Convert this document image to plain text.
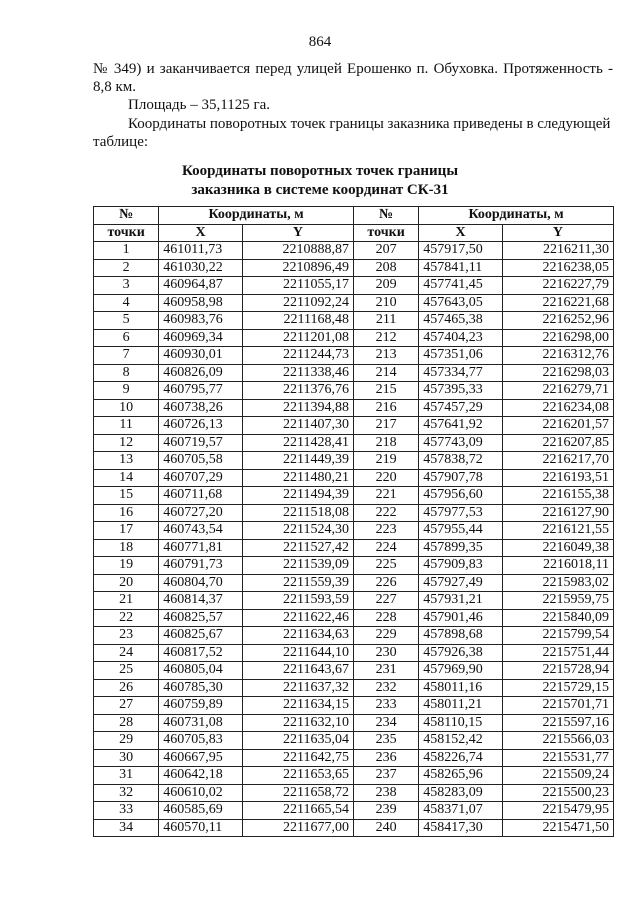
864
№ 349) и заканчивается перед улицей Ерошенко п. Обуховка. Протяженность - 8,8 км.
Площадь – 35,1125 га.
Координаты поворотных точек границы заказника приведены в следующей
таблице:
Координаты поворотных точек границы
заказника в системе координат СК-31
№	Координаты, м		№	Координаты, м	
точки	X	Y	точки	X	Y
1	461011,73	2210888,87	207	457917,50	2216211,30
2	461030,22	2210896,49	208	457841,11	2216238,05
3	460964,87	2211055,17	209	457741,45	2216227,79
4	460958,98	2211092,24	210	457643,05	2216221,68
5	460983,76	2211168,48	211	457465,38	2216252,96
6	460969,34	2211201,08	212	457404,23	2216298,00
7	460930,01	2211244,73	213	457351,06	2216312,76
8	460826,09	2211338,46	214	457334,77	2216298,03
9	460795,77	2211376,76	215	457395,33	2216279,71
10	460738,26	2211394,88	216	457457,29	2216234,08
11	460726,13	2211407,30	217	457641,92	2216201,57
12	460719,57	2211428,41	218	457743,09	2216207,85
13	460705,58	2211449,39	219	457838,72	2216217,70
14	460707,29	2211480,21	220	457907,78	2216193,51
15	460711,68	2211494,39	221	457956,60	2216155,38
16	460727,20	2211518,08	222	457977,53	2216127,90
17	460743,54	2211524,30	223	457955,44	2216121,55
18	460771,81	2211527,42	224	457899,35	2216049,38
19	460791,73	2211539,09	225	457909,83	2216018,11
20	460804,70	2211559,39	226	457927,49	2215983,02
21	460814,37	2211593,59	227	457931,21	2215959,75
22	460825,57	2211622,46	228	457901,46	2215840,09
23	460825,67	2211634,63	229	457898,68	2215799,54
24	460817,52	2211644,10	230	457926,38	2215751,44
25	460805,04	2211643,67	231	457969,90	2215728,94
26	460785,30	2211637,32	232	458011,16	2215729,15
27	460759,89	2211634,15	233	458011,21	2215701,71
28	460731,08	2211632,10	234	458110,15	2215597,16
29	460705,83	2211635,04	235	458152,42	2215566,03
30	460667,95	2211642,75	236	458226,74	2215531,77
31	460642,18	2211653,65	237	458265,96	2215509,24
32	460610,02	2211658,72	238	458283,09	2215500,23
33	460585,69	2211665,54	239	458371,07	2215479,95
34	460570,11	2211677,00	240	458417,30	2215471,50
